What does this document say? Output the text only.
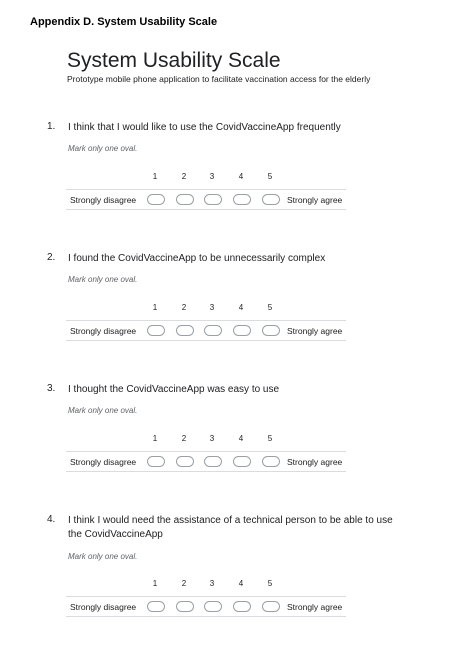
Appendix D. System Usability Scale
System Usability Scale
Prototype mobile phone application to facilitate vaccination access for the elderly
1. I think that I would like to use the CovidVaccineApp frequently
Mark only one oval.
1	2	3	4	5
Strongly disagree	Strongly agree
2. I found the CovidVaccineApp to be unnecessarily complex
Mark only one oval.
1	2	3	4	5
Strongly disagree	Strongly agree
3. I thought the CovidVaccineApp was easy to use
Mark only one oval.
1	2	3	4	5
Strongly disagree	Strongly agree
4. I think I would need the assistance of a technical person to be able to use the CovidVaccineApp
Mark only one oval.
1	2	3	4	5
Strongly disagree	Strongly agree
